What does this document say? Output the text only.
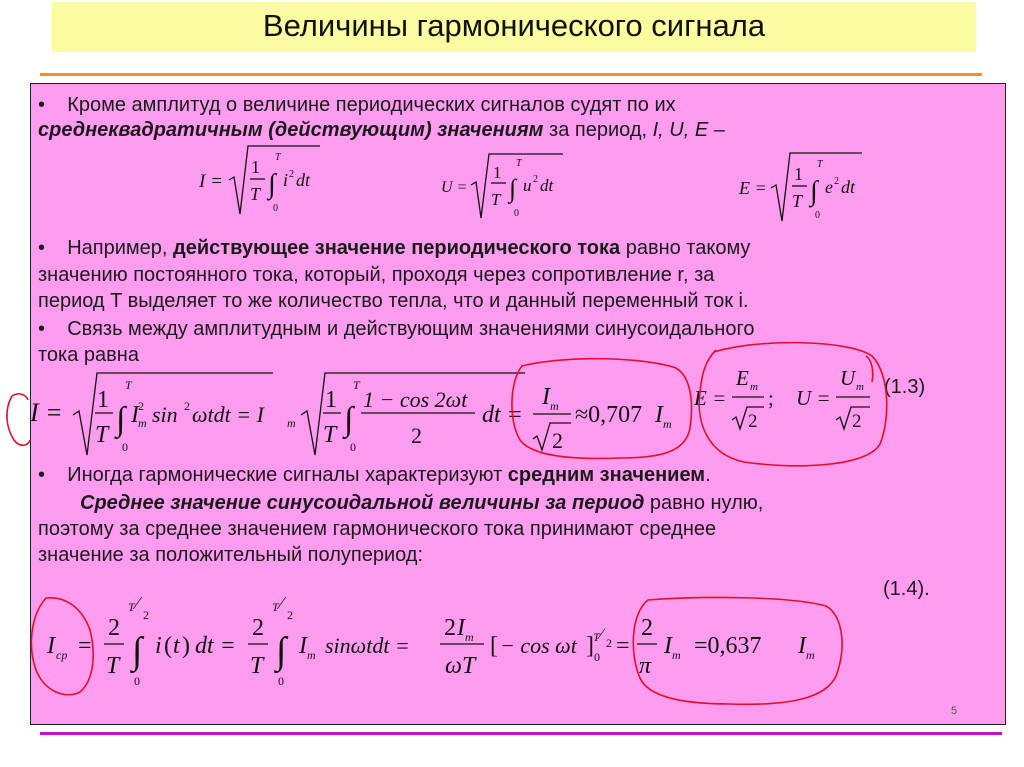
Величины гармонического сигнала
•    Кроме амплитуд о величине периодических сигналов судят по их
среднеквадратичным (действующим) значениям за период, I, U, E –
I =
1
T ∫
T
0
i 2 dt	U =
1
T ∫
T
0
u 2 dt	E =
1
T ∫
T
0
e 2 dt
•    Например, действующее значение периодического тока равно такому
значению постоянного тока, который, проходя через сопротивление r, за
период T выделяет то же количество тепла, что и данный переменный ток i.
•    Связь между амплитудным и действующим значениями синусоидального
тока равна
I = 1
T ∫
T
0
I 2
m sin 2 ωtdt = I m
1
T ∫
T
0
1 − cos 2ωt
2
dt =
I m
2
≈0,707 I m
E =
E m
2
; U =
U m
2
(1.3)
•    Иногда гармонические сигналы характеризуют средним значением.
Среднее значение синусоидальной величины за период равно нулю,
поэтому за среднее значением гармонического тока принимают среднее
значение за положительный полупериод:
(1.4).
I ср =
2
T ∫
T ⁄
2
0
i ( t ) dt =
2
T ∫
T ⁄
2
0
I m sinωtdt =
2 I m
ωT
[ − cos ωt ] T ⁄ 2
0 =
2
π
I m =0,637 I m
5
